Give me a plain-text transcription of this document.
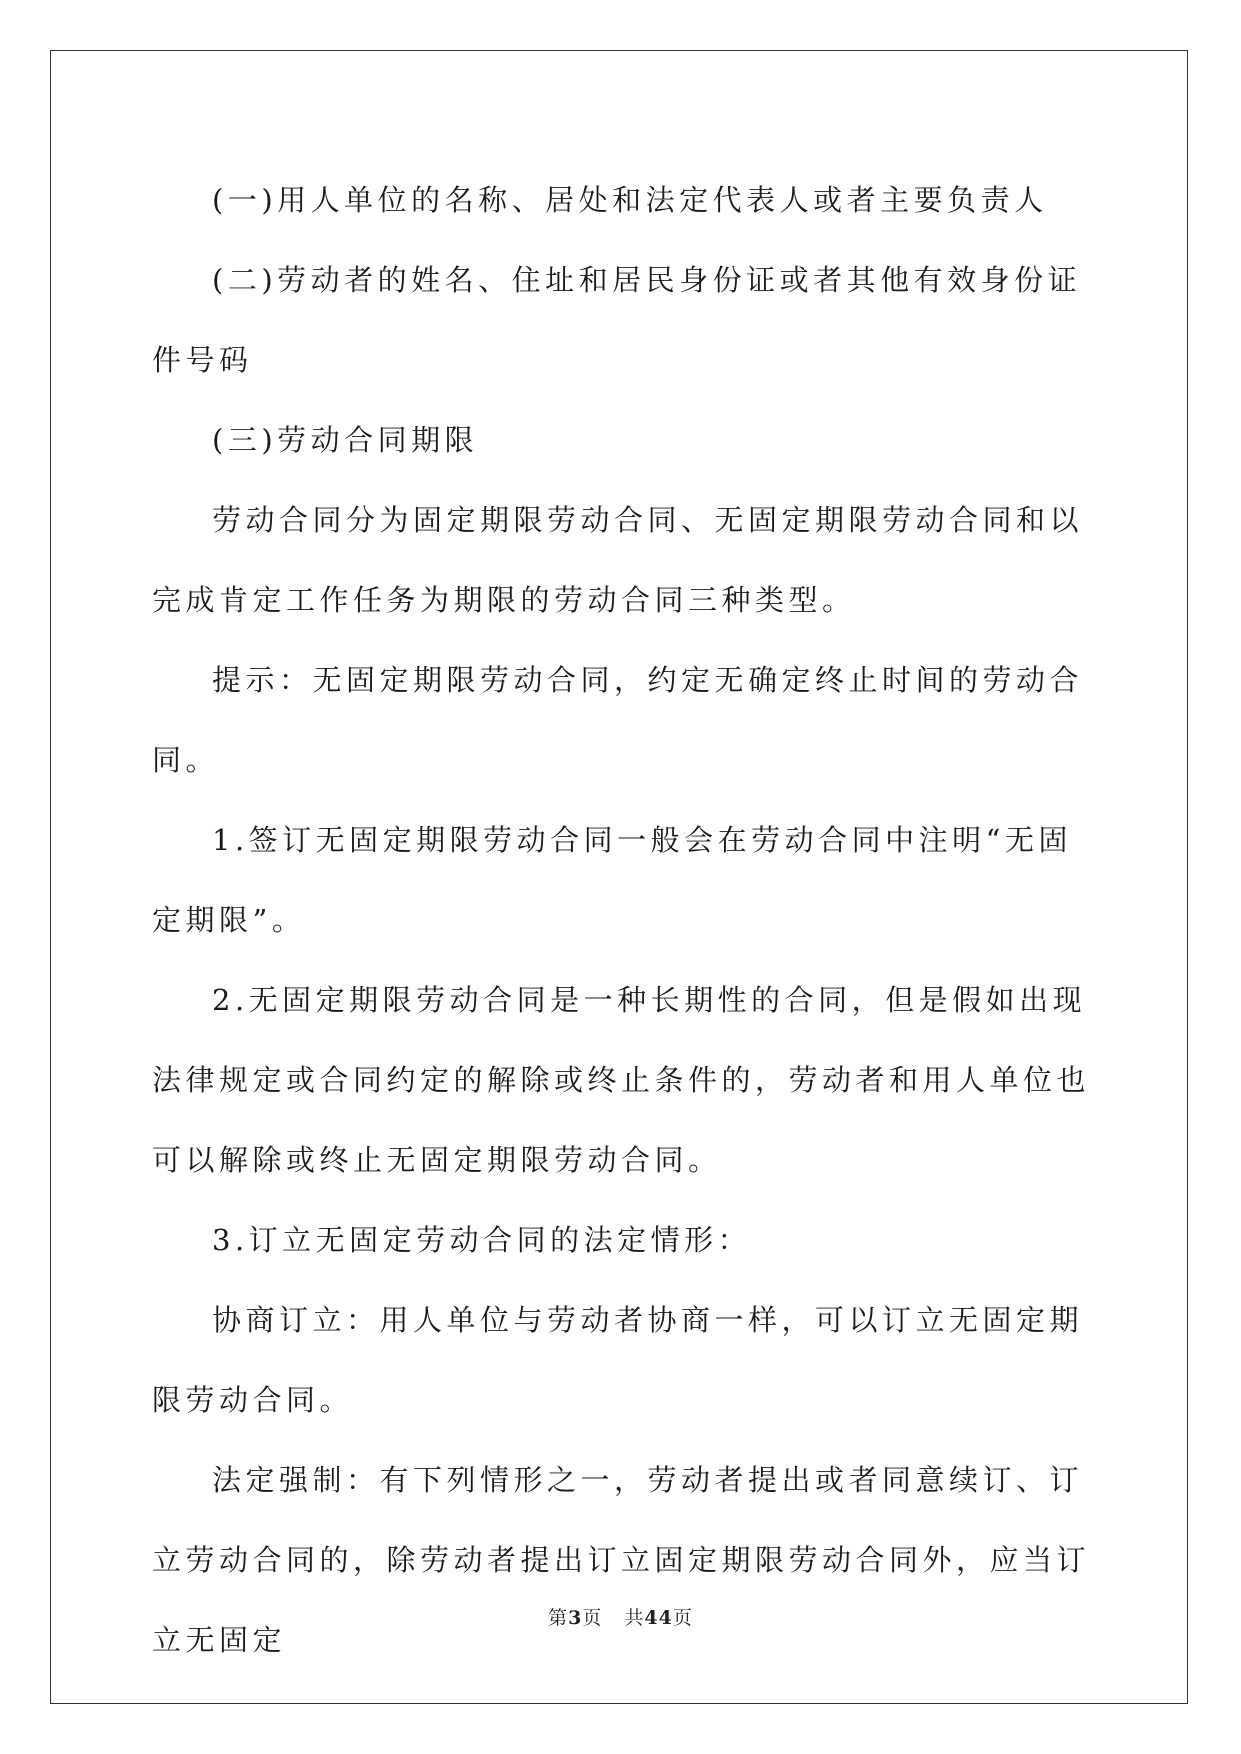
(一)用人单位的名称、居处和法定代表人或者主要负责人

(二)劳动者的姓名、住址和居民身份证或者其他有效身份证件号码

(三)劳动合同期限

劳动合同分为固定期限劳动合同、无固定期限劳动合同和以完成肯定工作任务为期限的劳动合同三种类型。

提示：无固定期限劳动合同，约定无确定终止时间的劳动合同。

1.签订无固定期限劳动合同一般会在劳动合同中注明“无固定期限”。

2.无固定期限劳动合同是一种长期性的合同，但是假如出现法律规定或合同约定的解除或终止条件的，劳动者和用人单位也可以解除或终止无固定期限劳动合同。

3.订立无固定劳动合同的法定情形：

协商订立：用人单位与劳动者协商一样，可以订立无固定期限劳动合同。

法定强制：有下列情形之一，劳动者提出或者同意续订、订立劳动合同的，除劳动者提出订立固定期限劳动合同外，应当订立无固定

第3页 共44页
